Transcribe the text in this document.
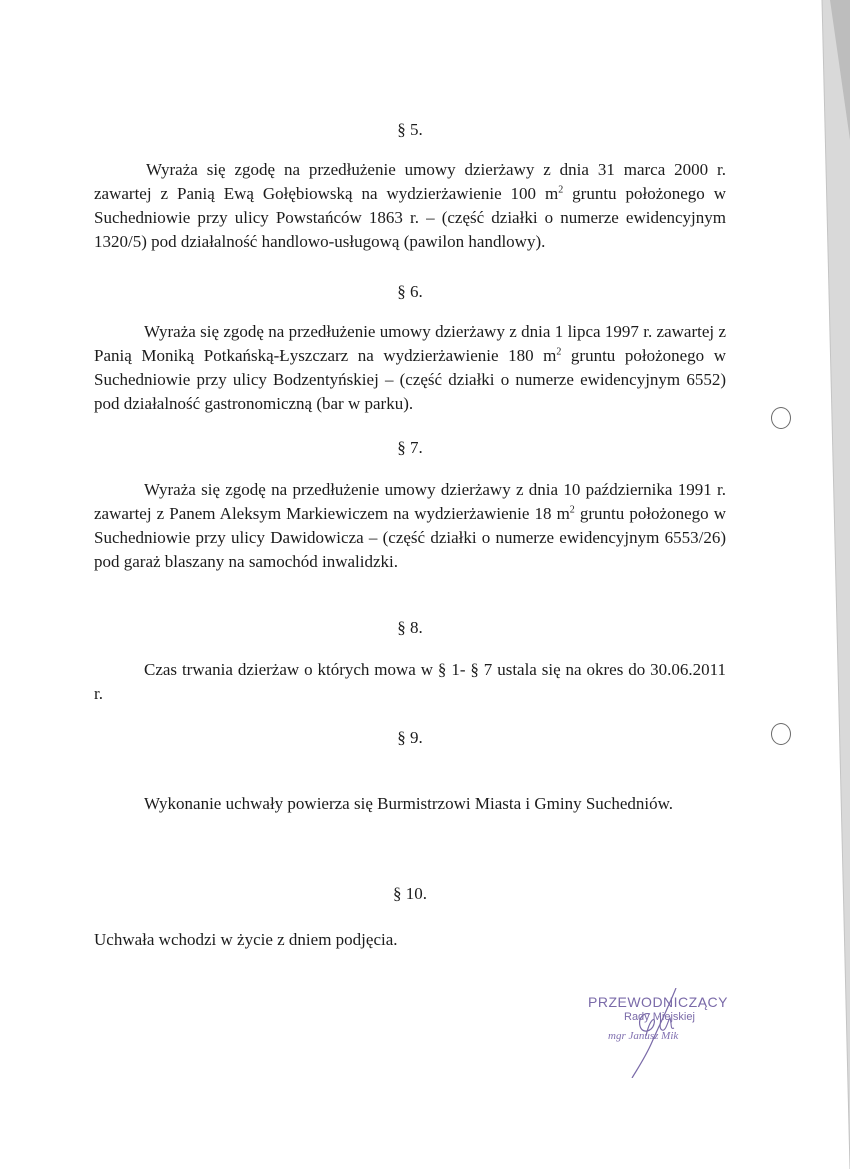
§ 5.

Wyraża się zgodę na przedłużenie umowy dzierżawy z dnia 31 marca 2000 r. zawartej z Panią Ewą Gołębiowską na wydzierżawienie 100 $m^2$ gruntu położonego w Suchedniowie przy ulicy Powstańców 1863 r. – (część działki o numerze ewidencyjnym 1320/5) pod działalność handlowo-usługową (pawilon handlowy).

§ 6.

Wyraża się zgodę na przedłużenie umowy dzierżawy z dnia 1 lipca 1997 r. zawartej z Panią Moniką Potkańską-Łyszczarz na wydzierżawienie 180 $m^2$ gruntu położonego w Suchedniowie przy ulicy Bodzentyńskiej – (część działki o numerze ewidencyjnym 6552) pod działalność gastronomiczną (bar w parku).

§ 7.

Wyraża się zgodę na przedłużenie umowy dzierżawy z dnia 10 października 1991 r. zawartej z Panem Aleksym Markiewiczem na wydzierżawienie 18 $m^2$ gruntu położonego w Suchedniowie przy ulicy Dawidowicza – (część działki o numerze ewidencyjnym 6553/26) pod garaż blaszany na samochód inwalidzki.

§ 8.

Czas trwania dzierżaw o których mowa w § 1- § 7 ustala się na okres do 30.06.2011 r.

§ 9.

Wykonanie uchwały powierza się Burmistrzowi Miasta i Gminy Suchedniów.

§ 10.

Uchwała wchodzi w życie z dniem podjęcia.

PRZEWODNICZĄCY
Rady Miejskiej
mgr Janusz Mik
